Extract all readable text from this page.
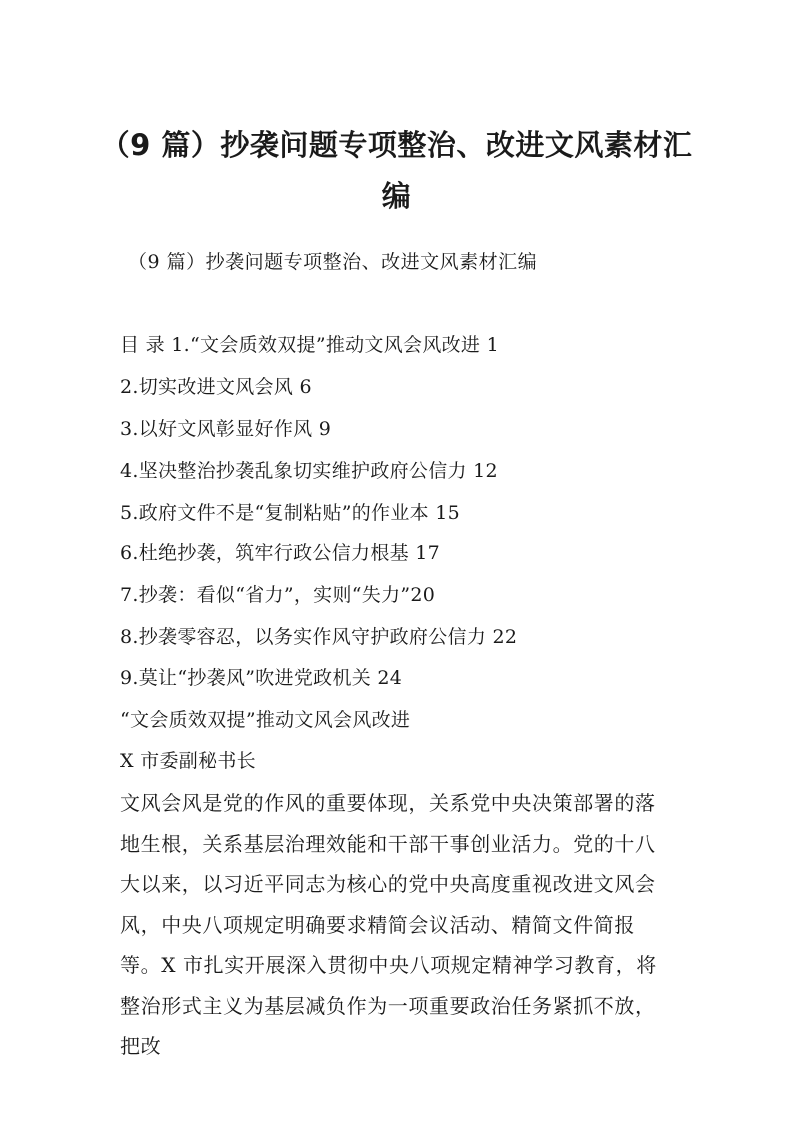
（9 篇）抄袭问题专项整治、改进文风素材汇编
（9 篇）抄袭问题专项整治、改进文风素材汇编
目 录 1.“文会质效双提”推动文风会风改进 1
2.切实改进文风会风 6
3.以好文风彰显好作风 9
4.坚决整治抄袭乱象切实维护政府公信力 12
5.政府文件不是“复制粘贴”的作业本 15
6.杜绝抄袭，筑牢行政公信力根基 17
7.抄袭：看似“省力”，实则“失力”20
8.抄袭零容忍，以务实作风守护政府公信力 22
9.莫让“抄袭风”吹进党政机关 24
“文会质效双提”推动文风会风改进
X 市委副秘书长
文风会风是党的作风的重要体现，关系党中央决策部署的落地生根，关系基层治理效能和干部干事创业活力。党的十八大以来，以习近平同志为核心的党中央高度重视改进文风会风，中央八项规定明确要求精简会议活动、精简文件简报等。X 市扎实开展深入贯彻中央八项规定精神学习教育，将整治形式主义为基层减负作为一项重要政治任务紧抓不放，把改
